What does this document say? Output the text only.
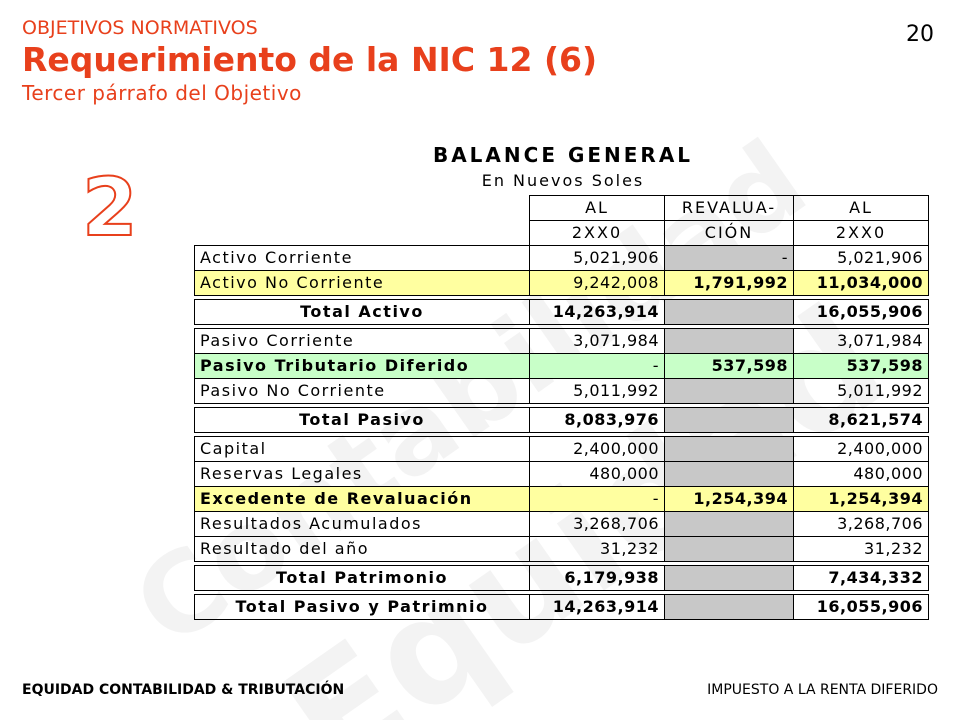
OBJETIVOS NORMATIVOS
Requerimiento de la NIC 12 (6)
Tercer párrafo del Objetivo
20
2
BALANCE GENERAL
En Nuevos Soles
	AL	REVALUA-	AL
	2XX0	CIÓN	2XX0
Activo Corriente	5,021,906	-	5,021,906
Activo No Corriente	9,242,008	1,791,992	11,034,000

Total Activo	14,263,914		16,055,906

Pasivo Corriente	3,071,984		3,071,984
Pasivo Tributario Diferido	-	537,598	537,598
Pasivo No Corriente	5,011,992		5,011,992

Total Pasivo	8,083,976		8,621,574

Capital	2,400,000		2,400,000
Reservas Legales	480,000		480,000
Excedente de Revaluación	-	1,254,394	1,254,394
Resultados Acumulados	3,268,706		3,268,706
Resultado del año	31,232		31,232

Total Patrimonio	6,179,938		7,434,332

Total Pasivo y Patrimnio	14,263,914		16,055,906
EQUIDAD CONTABILIDAD & TRIBUTACIÓN	IMPUESTO A LA RENTA DIFERIDO
